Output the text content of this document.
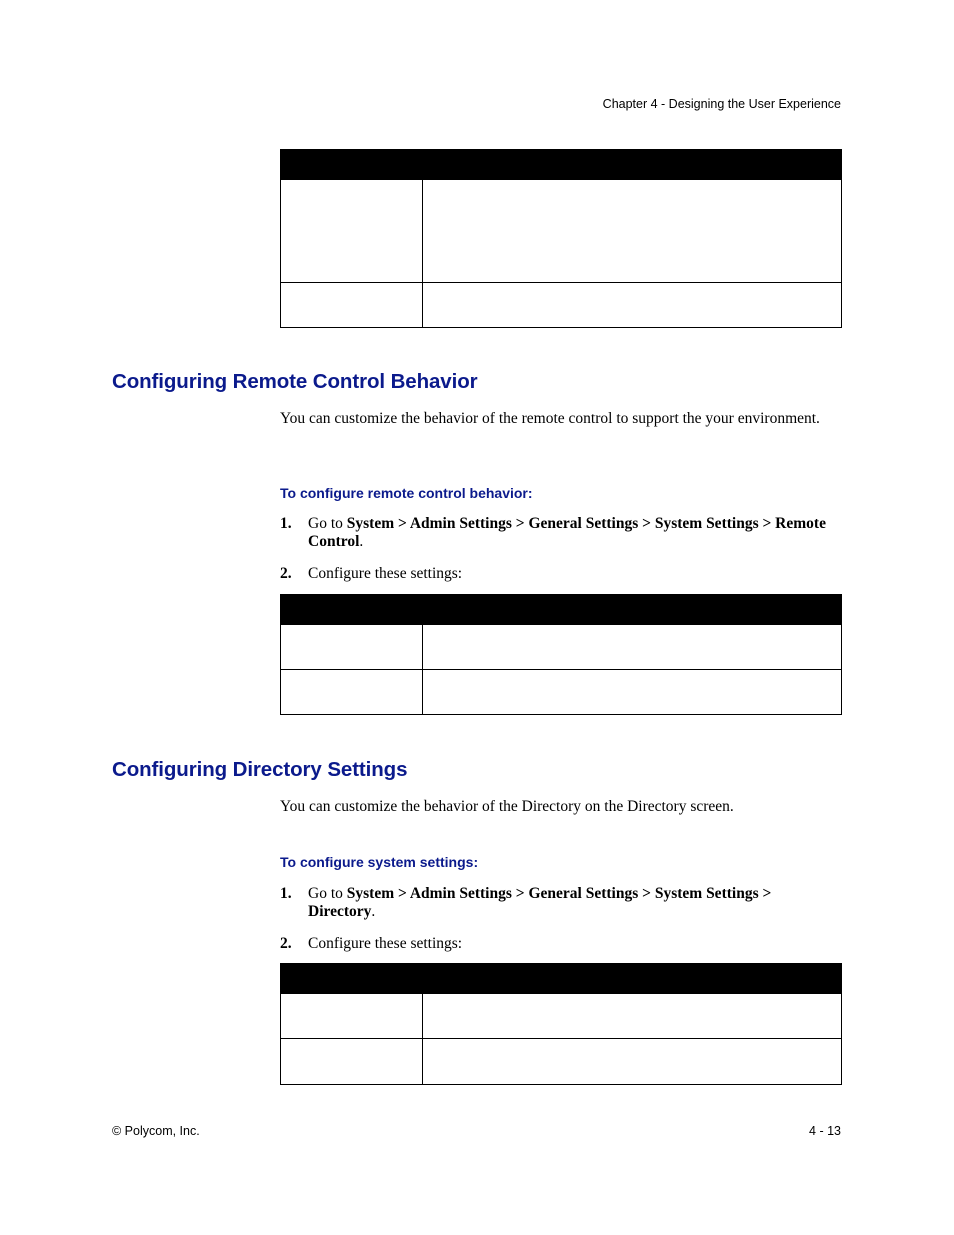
Chapter 4 - Designing the User Experience

Configuring Remote Control Behavior

You can customize the behavior of the remote control to support the your environment.

To configure remote control behavior:
1.	Go to System > Admin Settings > General Settings > System Settings > Remote Control.
2.	Configure these settings:

Configuring Directory Settings

You can customize the behavior of the Directory on the Directory screen.

To configure system settings:
1.	Go to System > Admin Settings > General Settings > System Settings > Directory.
2.	Configure these settings:

© Polycom, Inc.	4 - 13
